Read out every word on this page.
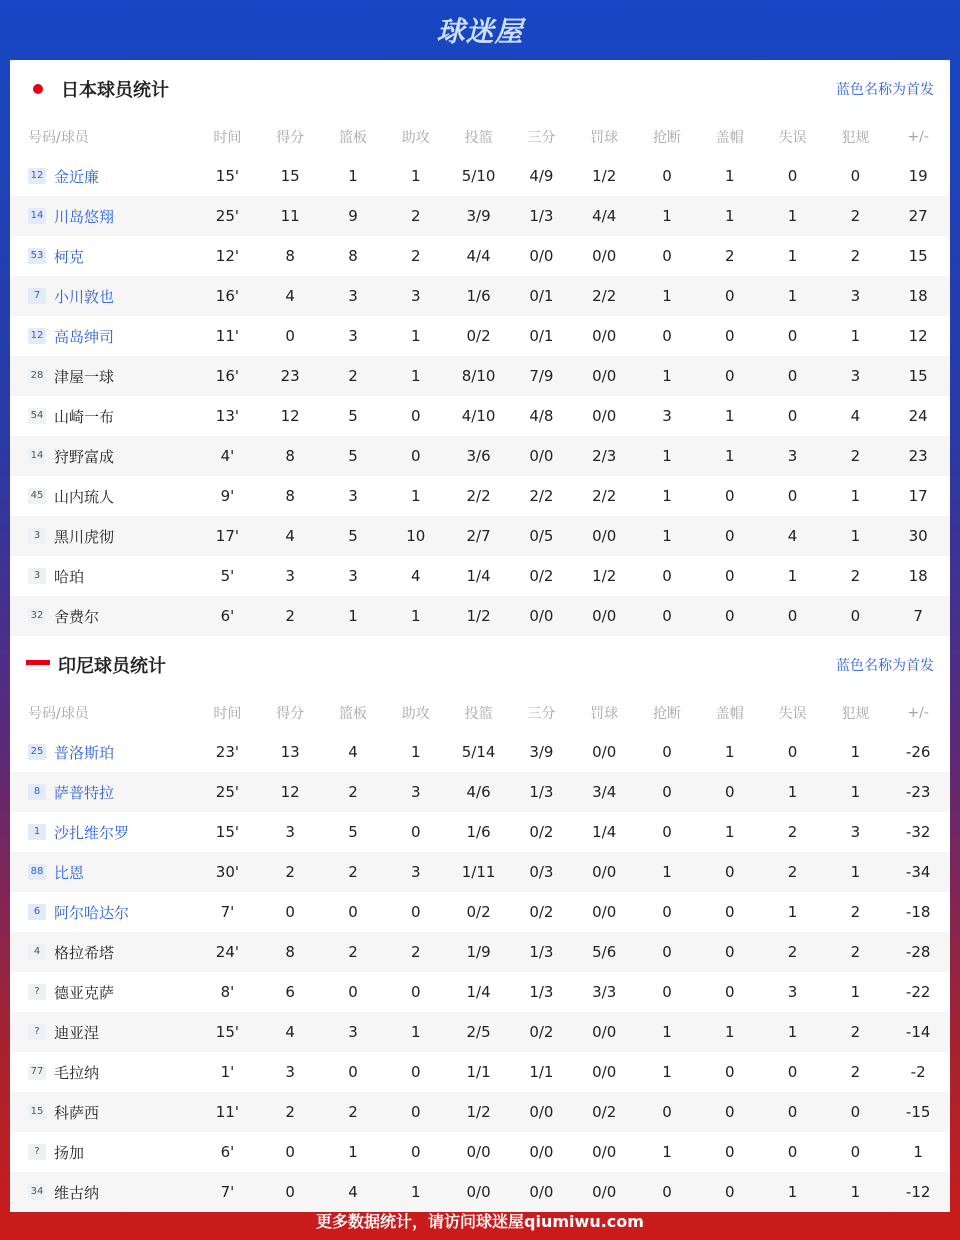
球迷屋
日本球员统计	蓝色名称为首发
号码/球员	时间	得分	篮板	助攻	投篮	三分	罚球	抢断	盖帽	失误	犯规	+/-
12 金近廉	15'	15	1	1	5/10	4/9	1/2	0	1	0	0	19
14 川岛悠翔	25'	11	9	2	3/9	1/3	4/4	1	1	1	2	27
53 柯克	12'	8	8	2	4/4	0/0	0/0	0	2	1	2	15
7 小川敦也	16'	4	3	3	1/6	0/1	2/2	1	0	1	3	18
12 高岛绅司	11'	0	3	1	0/2	0/1	0/0	0	0	0	1	12
28 津屋一球	16'	23	2	1	8/10	7/9	0/0	1	0	0	3	15
54 山崎一布	13'	12	5	0	4/10	4/8	0/0	3	1	0	4	24
14 狩野富成	4'	8	5	0	3/6	0/0	2/3	1	1	3	2	23
45 山内琉人	9'	8	3	1	2/2	2/2	2/2	1	0	0	1	17
3 黑川虎彻	17'	4	5	10	2/7	0/5	0/0	1	0	4	1	30
3 哈珀	5'	3	3	4	1/4	0/2	1/2	0	0	1	2	18
32 舍费尔	6'	2	1	1	1/2	0/0	0/0	0	0	0	0	7
印尼球员统计	蓝色名称为首发
号码/球员	时间	得分	篮板	助攻	投篮	三分	罚球	抢断	盖帽	失误	犯规	+/-
25 普洛斯珀	23'	13	4	1	5/14	3/9	0/0	0	1	0	1	-26
8 萨普特拉	25'	12	2	3	4/6	1/3	3/4	0	0	1	1	-23
1 沙扎维尔罗	15'	3	5	0	1/6	0/2	1/4	0	1	2	3	-32
88 比恩	30'	2	2	3	1/11	0/3	0/0	1	0	2	1	-34
6 阿尔哈达尔	7'	0	0	0	0/2	0/2	0/0	0	0	1	2	-18
4 格拉希塔	24'	8	2	2	1/9	1/3	5/6	0	0	2	2	-28
? 德亚克萨	8'	6	0	0	1/4	1/3	3/3	0	0	3	1	-22
? 迪亚涅	15'	4	3	1	2/5	0/2	0/0	1	1	1	2	-14
77 毛拉纳	1'	3	0	0	1/1	1/1	0/0	1	0	0	2	-2
15 科萨西	11'	2	2	0	1/2	0/0	0/2	0	0	0	0	-15
? 扬加	6'	0	1	0	0/0	0/0	0/0	1	0	0	0	1
34 维古纳	7'	0	4	1	0/0	0/0	0/0	0	0	1	1	-12
更多数据统计，请访问球迷屋qiumiwu.com
